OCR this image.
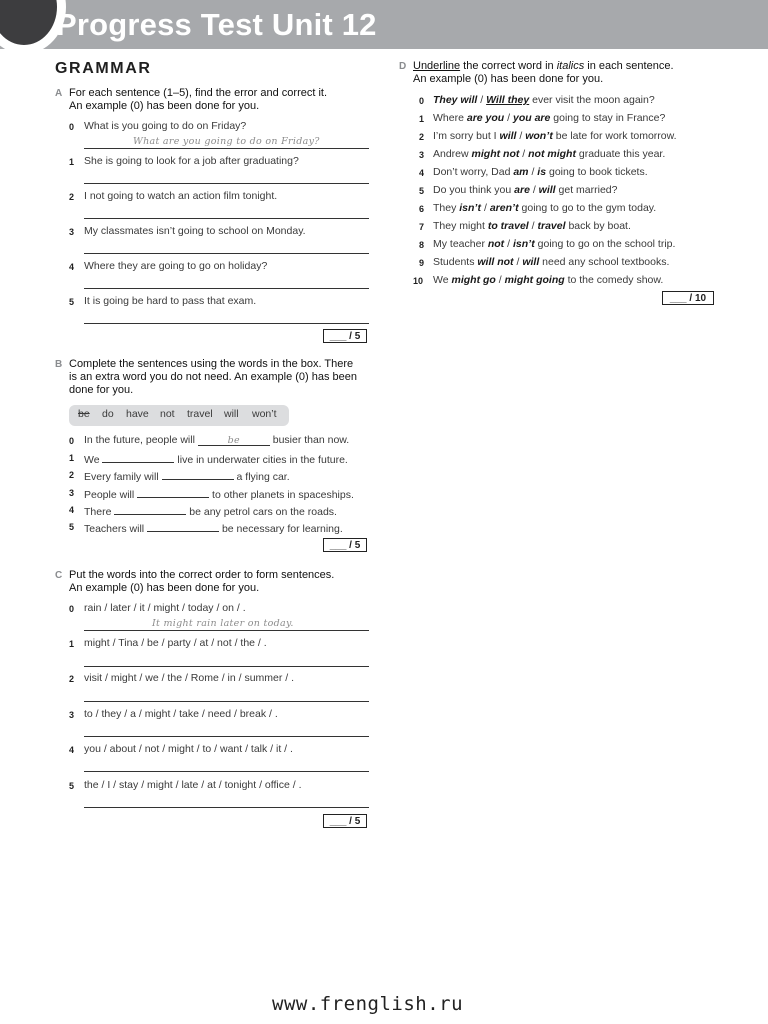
Progress Test Unit 12
GRAMMAR
A For each sentence (1–5), find the error and correct it.
An example (0) has been done for you.
0 What is you going to do on Friday?
What are you going to do on Friday?
1 She is going to look for a job after graduating?
2 I not going to watch an action film tonight.
3 My classmates isn’t going to school on Monday.
4 Where they are going to go on holiday?
5 It is going be hard to pass that exam.
___ / 5
B Complete the sentences using the words in the box. There
is an extra word you do not need. An example (0) has been
done for you.
be do have not travel will won’t
0 In the future, people will	be	busier than now.
1 We	live in underwater cities in the future.
2 Every family will	a flying car.
3 People will	to other planets in spaceships.
4 There	be any petrol cars on the roads.
5 Teachers will	be necessary for learning.
___ / 5
C Put the words into the correct order to form sentences.
An example (0) has been done for you.
0 rain / later / it / might / today / on / .
It might rain later on today.
1 might / Tina / be / party / at / not / the / .
2 visit / might / we / the / Rome / in / summer / .
3 to / they / a / might / take / need / break / .
4 you / about / not / might / to / want / talk / it / .
5 the / I / stay / might / late / at / tonight / office / .
___ / 5
D Underline the correct word in italics in each sentence.
An example (0) has been done for you.
0 They will / Will they ever visit the moon again?
1 Where are you / you are going to stay in France?
2 I’m sorry but I will / won’t be late for work tomorrow.
3 Andrew might not / not might graduate this year.
4 Don’t worry, Dad am / is going to book tickets.
5 Do you think you are / will get married?
6 They isn’t / aren’t going to go to the gym today.
7 They might to travel / travel back by boat.
8 My teacher not / isn’t going to go on the school trip.
9 Students will not / will need any school textbooks.
10 We might go / might going to the comedy show.
___ / 10
www.frenglish.ru
